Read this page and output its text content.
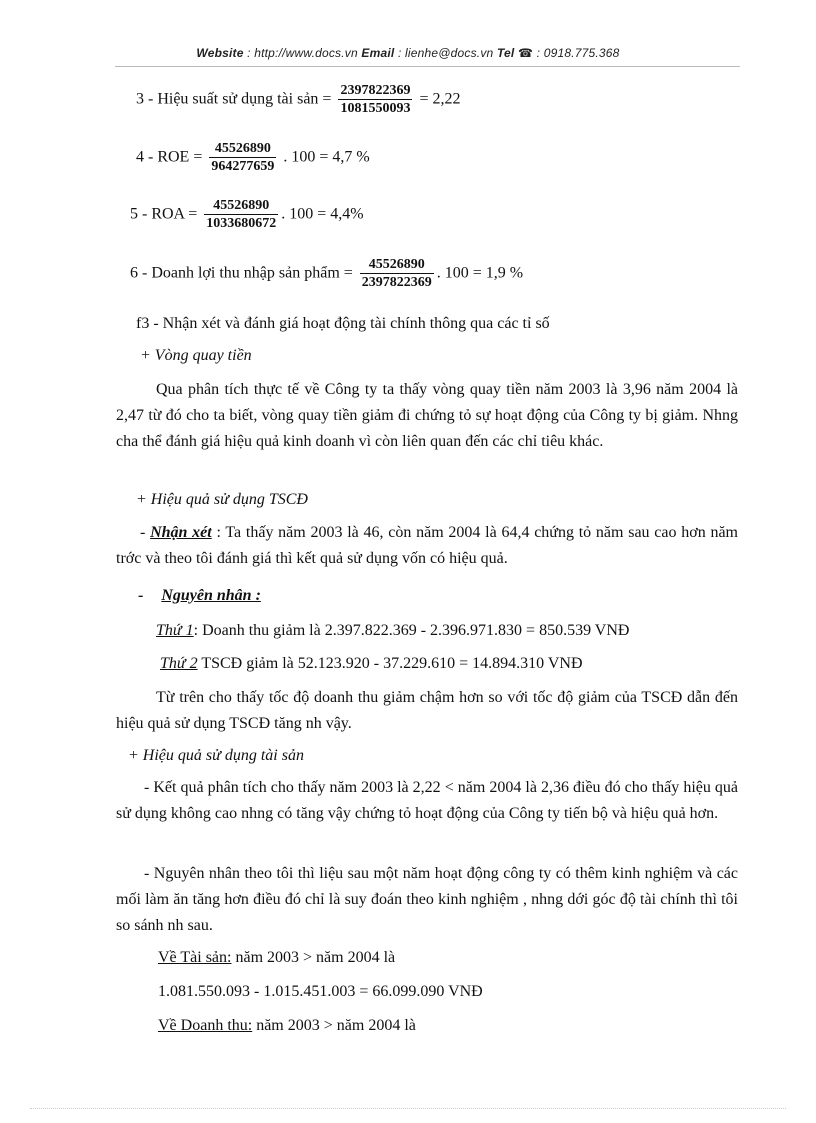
Website : http://www.docs.vn Email : lienhe@docs.vn Tel ☎ : 0918.775.368
3 - Hiệu suất sử dụng tài sản = $\frac{2397822369}{1081550093} = 2,22$
4 - ROE = $\frac{45526890}{964277659}$ . 100 = 4,7 %
5 - ROA = $\frac{45526890}{1033680672}$ . 100 = 4,4%
6 - Doanh lợi thu nhập sản phẩm = $\frac{45526890}{2397822369}$ . 100 = 1,9 %
f3 - Nhận xét và đánh giá hoạt động tài chính thông qua các tỉ số
+ Vòng quay tiền
Qua phân tích thực tế về Công ty ta thấy vòng quay tiền năm 2003 là 3,96 năm 2004 là 2,47 từ đó cho ta biết, vòng quay tiền giảm đi chứng tỏ sự hoạt động của Công ty bị giảm. Nhng cha thể đánh giá hiệu quả kinh doanh vì còn liên quan đến các chỉ tiêu khác.
+ Hiệu quả sử dụng TSCĐ
- Nhận xét : Ta thấy năm 2003 là 46, còn năm 2004 là 64,4 chứng tỏ năm sau cao hơn năm trớc và theo tôi đánh giá thì kết quả sử dụng vốn có hiệu quả.
- Nguyên nhân :
Thứ 1: Doanh thu giảm là 2.397.822.369 - 2.396.971.830 = 850.539 VNĐ
Thứ 2 TSCĐ giảm là 52.123.920 - 37.229.610 = 14.894.310 VNĐ
Từ trên cho thấy tốc độ doanh thu giảm chậm hơn so với tốc độ giảm của TSCĐ dẫn đến hiệu quả sử dụng TSCĐ tăng nh vậy.
+ Hiệu quả sử dụng tài sản
- Kết quả phân tích cho thấy năm 2003 là 2,22 < năm 2004 là 2,36 điều đó cho thấy hiệu quả sử dụng không cao nhng có tăng vậy chứng tỏ hoạt động của Công ty tiến bộ và hiệu quả hơn.
- Nguyên nhân theo tôi thì liệu sau một năm hoạt động công ty có thêm kinh nghiệm và các mối làm ăn tăng hơn điều đó chỉ là suy đoán theo kinh nghiệm , nhng dới góc độ tài chính thì tôi so sánh nh sau.
Về Tài sản: năm 2003 > năm 2004 là
1.081.550.093 - 1.015.451.003 = 66.099.090 VNĐ
Về Doanh thu: năm 2003 > năm 2004 là
